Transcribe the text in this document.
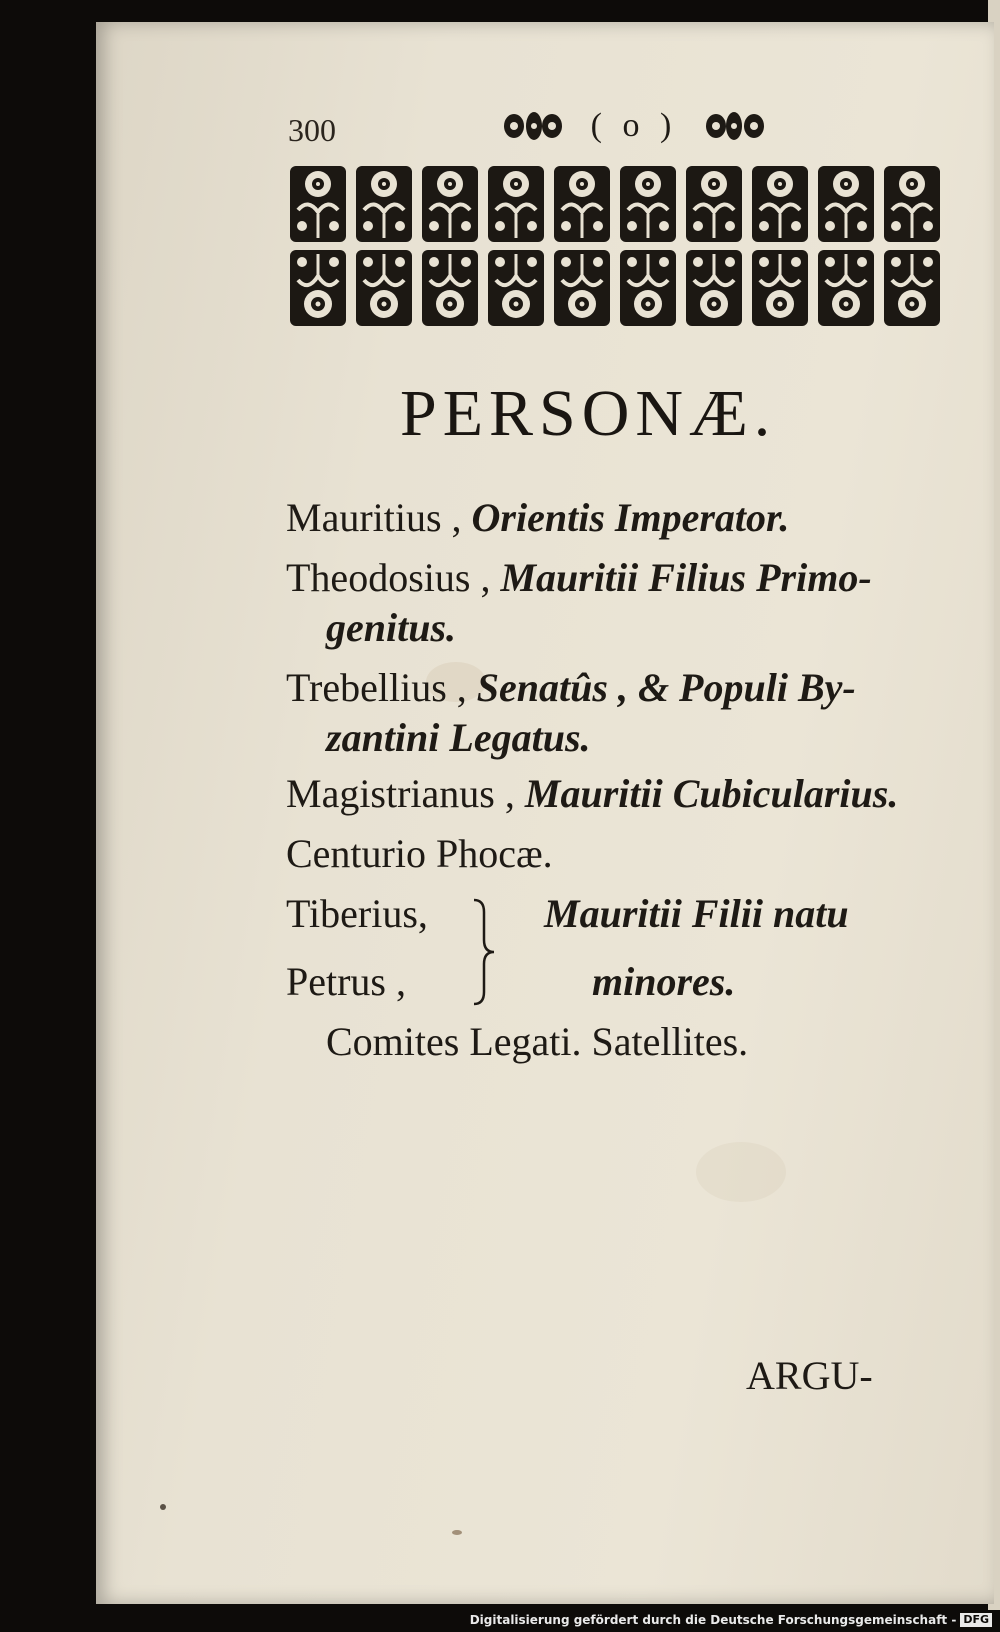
300	( o )
PERSONÆ.
Mauritius , Orientis Imperator.
Theodosius , Mauritii Filius Primo-
genitus.
Trebellius , Senatûs , & Populi By-
zantini Legatus.
Magistrianus , Mauritii Cubicularius.
Centurio Phocæ.
Tiberius,	Mauritii Filii natu
Petrus ,	minores.
Comites Legati. Satellites.
ARGU-
Digitalisierung gefördert durch die Deutsche Forschungsgemeinschaft - DFG
